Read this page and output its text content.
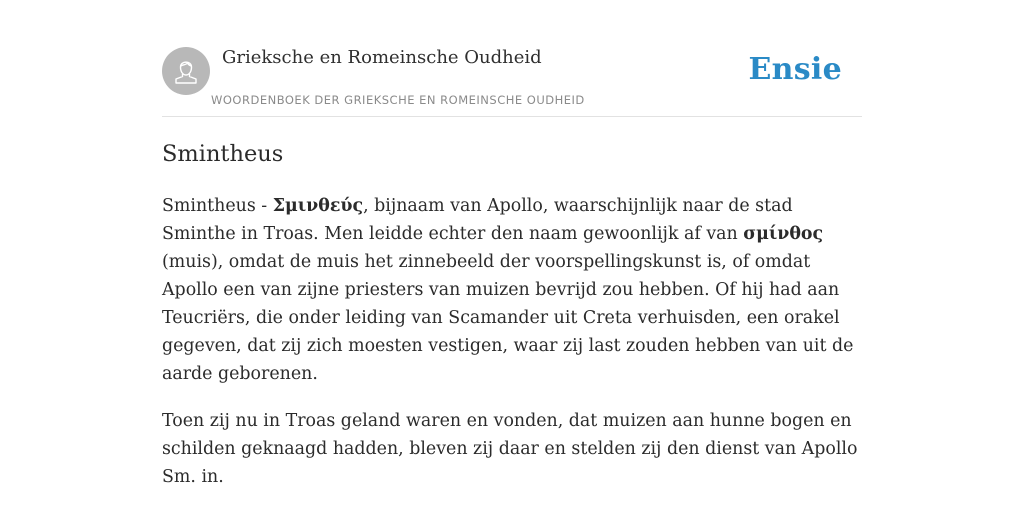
Grieksche en Romeinsche Oudheid
WOORDENBOEK DER GRIEKSCHE EN ROMEINSCHE OUDHEID
Ensie
Smintheus

Smintheus - Σμινθεύς, bijnaam van Apollo, waarschijnlijk naar de stad Sminthe in Troas. Men leidde echter den naam gewoonlijk af van σμίνθος (muis), omdat de muis het zinnebeeld der voorspellingskunst is, of omdat Apollo een van zijne priesters van muizen bevrijd zou hebben. Of hij had aan Teucriërs, die onder leiding van Scamander uit Creta verhuisden, een orakel gegeven, dat zij zich moesten vestigen, waar zij last zouden hebben van uit de aarde geborenen.

Toen zij nu in Troas geland waren en vonden, dat muizen aan hunne bogen en schilden geknaagd hadden, bleven zij daar en stelden zij den dienst van Apollo Sm. in.
